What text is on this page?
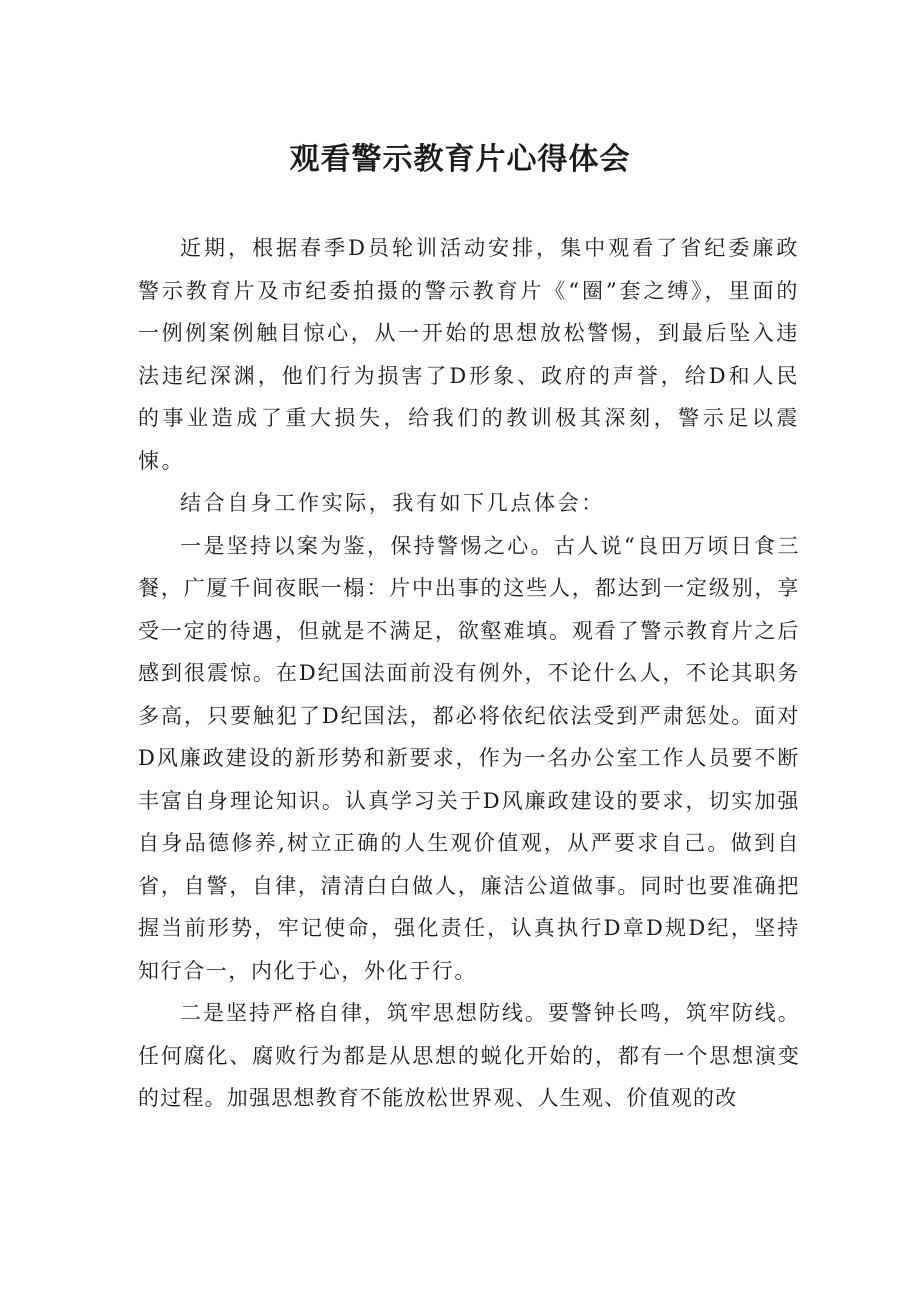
观看警示教育片心得体会

近期，根据春季D员轮训活动安排，集中观看了省纪委廉政警示教育片及市纪委拍摄的警示教育片《“圈”套之缚》，里面的一例例案例触目惊心，从一开始的思想放松警惕，到最后坠入违法违纪深渊，他们行为损害了D形象、政府的声誉，给D和人民的事业造成了重大损失，给我们的教训极其深刻，警示足以震悚。

结合自身工作实际，我有如下几点体会：

一是坚持以案为鉴，保持警惕之心。古人说“良田万顷日食三餐，广厦千间夜眠一榻：片中出事的这些人，都达到一定级别，享受一定的待遇，但就是不满足，欲壑难填。观看了警示教育片之后感到很震惊。在D纪国法面前没有例外，不论什么人，不论其职务多高，只要触犯了D纪国法，都必将依纪依法受到严肃惩处。面对D风廉政建设的新形势和新要求，作为一名办公室工作人员要不断丰富自身理论知识。认真学习关于D风廉政建设的要求，切实加强自身品德修养,树立正确的人生观价值观，从严要求自己。做到自省，自警，自律，清清白白做人，廉洁公道做事。同时也要准确把握当前形势，牢记使命，强化责任，认真执行D章D规D纪，坚持知行合一，内化于心，外化于行。

二是坚持严格自律，筑牢思想防线。要警钟长鸣，筑牢防线。任何腐化、腐败行为都是从思想的蜕化开始的，都有一个思想演变的过程。加强思想教育不能放松世界观、人生观、价值观的改
